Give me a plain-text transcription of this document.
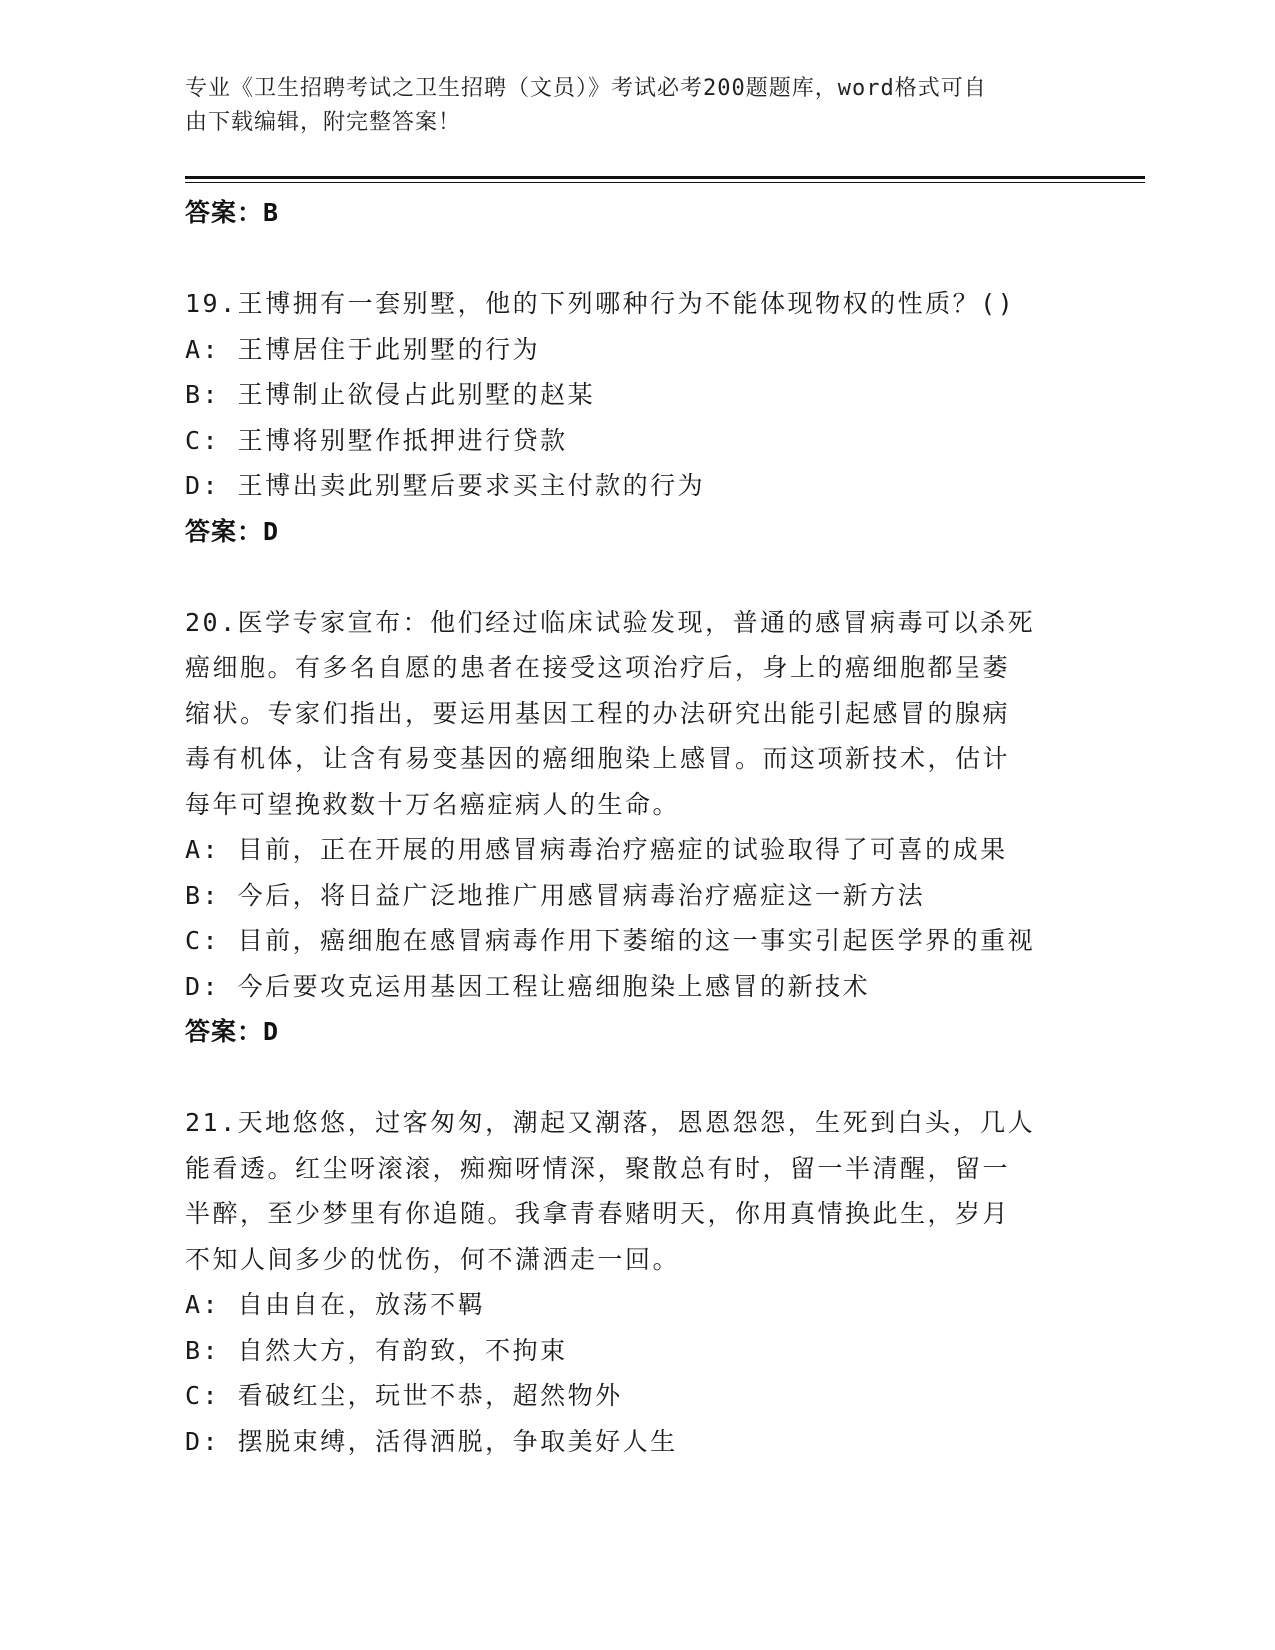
专业《卫生招聘考试之卫生招聘（文员）》考试必考200题题库，word格式可自
由下载编辑，附完整答案！
答案：B
19.王博拥有一套别墅，他的下列哪种行为不能体现物权的性质？()
A: 王博居住于此别墅的行为
B: 王博制止欲侵占此别墅的赵某
C: 王博将别墅作抵押进行贷款
D: 王博出卖此别墅后要求买主付款的行为
答案：D
20.医学专家宣布：他们经过临床试验发现，普通的感冒病毒可以杀死
癌细胞。有多名自愿的患者在接受这项治疗后，身上的癌细胞都呈萎
缩状。专家们指出，要运用基因工程的办法研究出能引起感冒的腺病
毒有机体，让含有易变基因的癌细胞染上感冒。而这项新技术，估计
每年可望挽救数十万名癌症病人的生命。
A: 目前，正在开展的用感冒病毒治疗癌症的试验取得了可喜的成果
B: 今后，将日益广泛地推广用感冒病毒治疗癌症这一新方法
C: 目前，癌细胞在感冒病毒作用下萎缩的这一事实引起医学界的重视
D: 今后要攻克运用基因工程让癌细胞染上感冒的新技术
答案：D
21.天地悠悠，过客匆匆，潮起又潮落，恩恩怨怨，生死到白头，几人
能看透。红尘呀滚滚，痴痴呀情深，聚散总有时，留一半清醒，留一
半醉，至少梦里有你追随。我拿青春赌明天，你用真情换此生，岁月
不知人间多少的忧伤，何不潇洒走一回。
A: 自由自在，放荡不羁
B: 自然大方，有韵致，不拘束
C: 看破红尘，玩世不恭，超然物外
D: 摆脱束缚，活得洒脱，争取美好人生
